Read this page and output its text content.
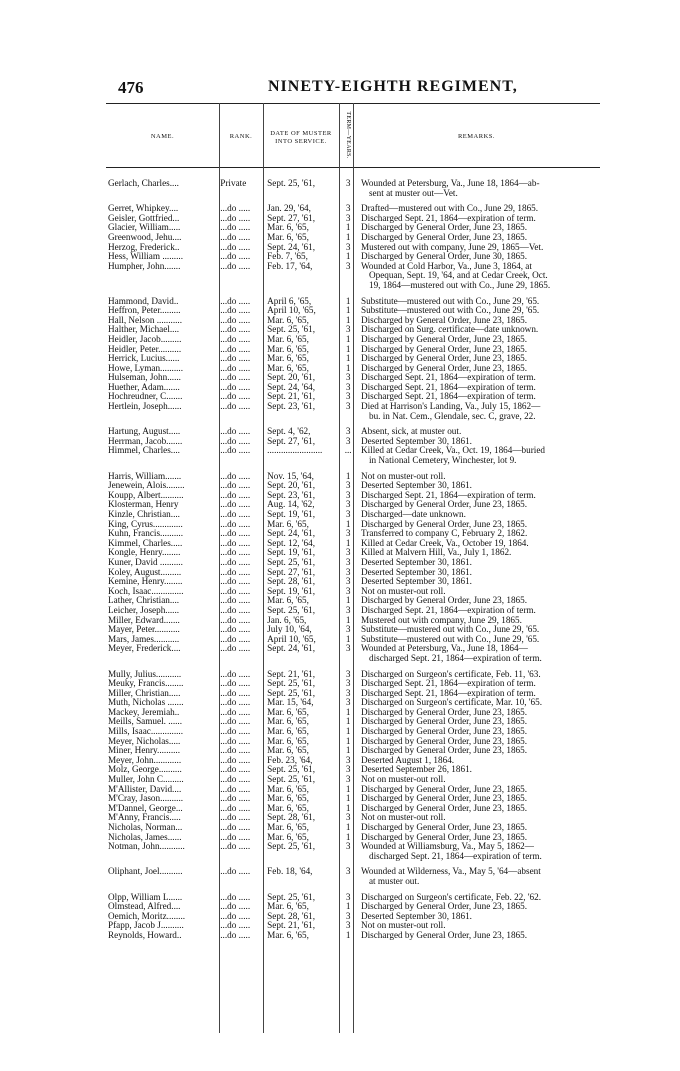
476	NINETY-EIGHTH REGIMENT,
NAME.	RANK.	DATE OF MUSTER INTO SERVICE.	TERM—YEARS.	REMARKS.
Gerlach, Charles....	Private	Sept. 25, '61,	3	Wounded at Petersburg, Va., June 18, 1864—ab-
sent at muster out—Vet.
Gerret, Whipkey....	...do .....	Jan. 29, '64,	3	Drafted—mustered out with Co., June 29, 1865.
Geisler, Gottfried...	...do .....	Sept. 27, '61,	3	Discharged Sept. 21, 1864—expiration of term.
Glacier, William.....	...do .....	Mar. 6, '65,	1	Discharged by General Order, June 23, 1865.
Greenwood, Jehu....	...do .....	Mar. 6, '65,	1	Discharged by General Order, June 23, 1865.
Herzog, Frederick..	...do .....	Sept. 24, '61,	3	Mustered out with company, June 29, 1865—Vet.
Hess, William .........	...do .....	Feb. 7, '65,	1	Discharged by General Order, June 30, 1865.
Humpher, John.......	...do .....	Feb. 17, '64,	3	Wounded at Cold Harbor, Va., June 3, 1864, at
Opequan, Sept. 19, '64, and at Cedar Creek, Oct.
19, 1864—mustered out with Co., June 29, 1865.
Hammond, David..	...do .....	April 6, '65,	1	Substitute—mustered out with Co., June 29, '65.
Heffron, Peter.........	...do .....	April 10, '65,	1	Substitute—mustered out with Co., June 29, '65.
Hall, Nelson ...........	...do .....	Mar. 6, '65,	1	Discharged by General Order, June 23, 1865.
Halther, Michael....	...do .....	Sept. 25, '61,	3	Discharged on Surg. certificate—date unknown.
Heidler, Jacob.........	...do .....	Mar. 6, '65,	1	Discharged by General Order, June 23, 1865.
Heidler, Peter..........	...do .....	Mar. 6, '65,	1	Discharged by General Order, June 23, 1865.
Herrick, Lucius......	...do .....	Mar. 6, '65,	1	Discharged by General Order, June 23, 1865.
Howe, Lyman..........	...do .....	Mar. 6, '65,	1	Discharged by General Order, June 23, 1865.
Hulseman, John......	...do .....	Sept. 20, '61,	3	Discharged Sept. 21, 1864—expiration of term.
Huether, Adam.......	...do .....	Sept. 24, '64,	3	Discharged Sept. 21, 1864—expiration of term.
Hochreudner, C.......	...do .....	Sept. 21, '61,	3	Discharged Sept. 21, 1864—expiration of term.
Hertlein, Joseph......	...do .....	Sept. 23, '61,	3	Died at Harrison's Landing, Va., July 15, 1862—
bu. in Nat. Cem., Glendale, sec. C, grave, 22.
Hartung, August.....	...do .....	Sept. 4, '62,	3	Absent, sick, at muster out.
Herrman, Jacob.......	...do .....	Sept. 27, '61,	3	Deserted September 30, 1861.
Himmel, Charles....	...do .....	........................	...	Killed at Cedar Creek, Va., Oct. 19, 1864—buried
in National Cemetery, Winchester, lot 9.
Harris, William.......	...do .....	Nov. 15, '64,	1	Not on muster-out roll.
Jenewein, Alois........	...do .....	Sept. 20, '61,	3	Deserted September 30, 1861.
Koupp, Albert..........	...do .....	Sept. 23, '61,	3	Discharged Sept. 21, 1864—expiration of term.
Klosterman, Henry	...do .....	Aug. 14, '62,	3	Discharged by General Order, June 23, 1865.
Kinzle, Christian....	...do .....	Sept. 19, '61,	3	Discharged—date unknown.
King, Cyrus.............	...do .....	Mar. 6, '65,	1	Discharged by General Order, June 23, 1865.
Kuhn, Francis..........	...do .....	Sept. 24, '61,	3	Transferred to company C, February 2, 1862.
Kimmel, Charles.....	...do .....	Sept. 12, '64,	1	Killed at Cedar Creek, Va., October 19, 1864.
Kongle, Henry........	...do .....	Sept. 19, '61,	3	Killed at Malvern Hill, Va., July 1, 1862.
Kuner, David ..........	...do .....	Sept. 25, '61,	3	Deserted September 30, 1861.
Koley, August.........	...do .....	Sept. 27, '61,	3	Deserted September 30, 1861.
Kemine, Henry........	...do .....	Sept. 28, '61,	3	Deserted September 30, 1861.
Koch, Isaac..............	...do .....	Sept. 19, '61,	3	Not on muster-out roll.
Lather, Christian....	...do .....	Mar. 6, '65,	1	Discharged by General Order, June 23, 1865.
Leicher, Joseph......	...do .....	Sept. 25, '61,	3	Discharged Sept. 21, 1864—expiration of term.
Miller, Edward.......	...do .....	Jan. 6, '65,	1	Mustered out with company, June 29, 1865.
Mayer, Peter...........	...do .....	July 10, '64,	3	Substitute—mustered out with Co., June 29, '65.
Mars, James...........	...do .....	April 10, '65,	1	Substitute—mustered out with Co., June 29, '65.
Meyer, Frederick....	...do .....	Sept. 24, '61,	3	Wounded at Petersburg, Va., June 18, 1864—
discharged Sept. 21, 1864—expiration of term.
Mully, Julius...........	...do .....	Sept. 21, '61,	3	Discharged on Surgeon's certificate, Feb. 11, '63.
Meuky, Francis........	...do .....	Sept. 25, '61,	3	Discharged Sept. 21, 1864—expiration of term.
Miller, Christian.....	...do .....	Sept. 25, '61,	3	Discharged Sept. 21, 1864—expiration of term.
Muth, Nicholas .......	...do .....	Mar. 15, '64,	3	Discharged on Surgeon's certificate, Mar. 10, '65.
Mackey, Jeremiah..	...do .....	Mar. 6, '65,	1	Discharged by General Order, June 23, 1865.
Meills, Samuel. ......	...do .....	Mar. 6, '65,	1	Discharged by General Order, June 23, 1865.
Mills, Isaac..............	...do .....	Mar. 6, '65,	1	Discharged by General Order, June 23, 1865.
Meyer, Nicholas.....	...do .....	Mar. 6, '65,	1	Discharged by General Order, June 23, 1865.
Miner, Henry..........	...do .....	Mar. 6, '65,	1	Discharged by General Order, June 23, 1865.
Meyer, John............	...do .....	Feb. 23, '64,	3	Deserted August 1, 1864.
Molz, George..........	...do .....	Sept. 25, '61,	3	Deserted September 26, 1861.
Muller, John C.........	...do .....	Sept. 25, '61,	3	Not on muster-out roll.
M'Allister, David....	...do .....	Mar. 6, '65,	1	Discharged by General Order, June 23, 1865.
M'Cray, Jason..........	...do .....	Mar. 6, '65,	1	Discharged by General Order, June 23, 1865.
M'Dannel, George...	...do .....	Mar. 6, '65,	1	Discharged by General Order, June 23, 1865.
M'Anny, Francis.....	...do .....	Sept. 28, '61,	3	Not on muster-out roll.
Nicholas, Norman...	...do .....	Mar. 6, '65,	1	Discharged by General Order, June 23, 1865.
Nicholas, James......	...do .....	Mar. 6, '65,	1	Discharged by General Order, June 23, 1865.
Notman, John...........	...do .....	Sept. 25, '61,	3	Wounded at Williamsburg, Va., May 5, 1862—
discharged Sept. 21, 1864—expiration of term.
Oliphant, Joel..........	...do .....	Feb. 18, '64,	3	Wounded at Wilderness, Va., May 5, '64—absent
at muster out.
Olpp, William L......	...do .....	Sept. 25, '61,	3	Discharged on Surgeon's certificate, Feb. 22, '62.
Olmstead, Alfred....	...do .....	Mar. 6, '65,	1	Discharged by General Order, June 23, 1865.
Oemich, Moritz........	...do .....	Sept. 28, '61,	3	Deserted September 30, 1861.
Pfapp, Jacob J..........	...do .....	Sept. 21, '61,	3	Not on muster-out roll.
Reynolds, Howard..	...do .....	Mar. 6, '65,	1	Discharged by General Order, June 23, 1865.
